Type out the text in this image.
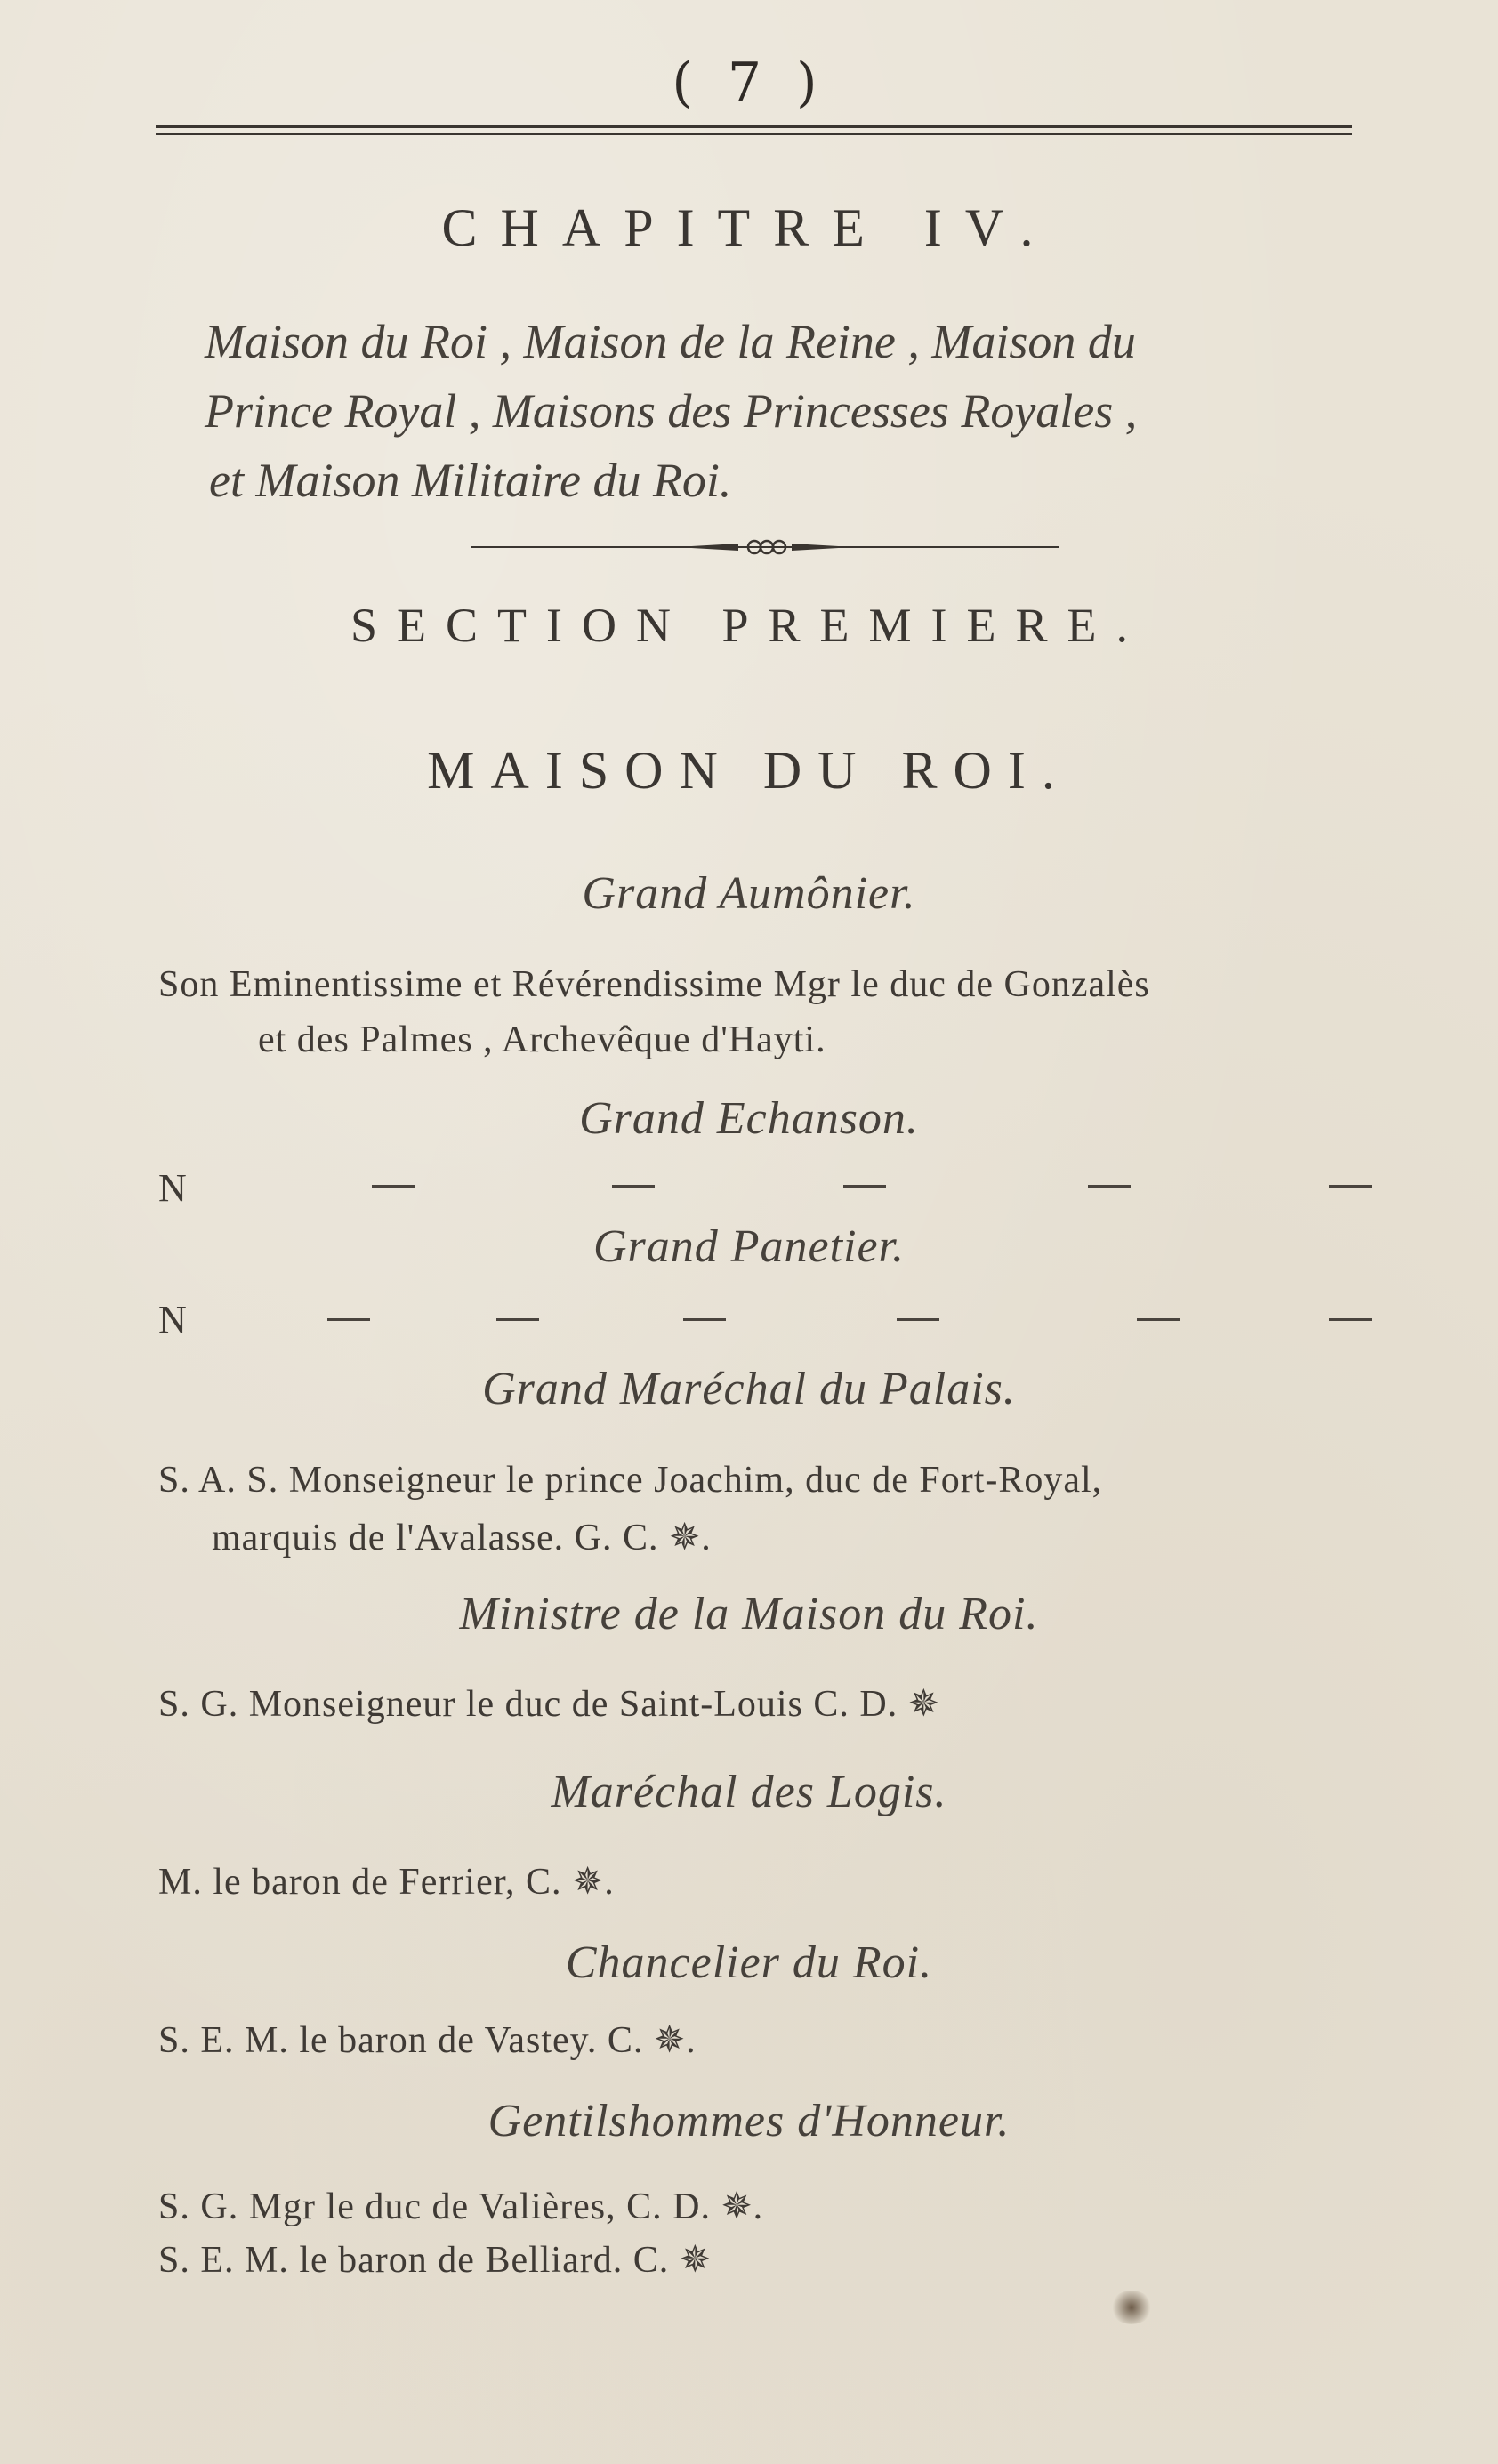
( 7 )
CHAPITRE IV.
Maison du Roi , Maison de la Reine , Maison du
Prince Royal , Maisons des Princesses Royales ,
et Maison Militaire du Roi.
SECTION PREMIERE.
MAISON DU ROI.
Grand Aumônier.
Son Eminentissime et Révérendissime Mgr le duc de Gonzalès
et des Palmes , Archevêque d'Hayti.
Grand Echanson.
N
Grand Panetier.
N
Grand Maréchal du Palais.
S. A. S. Monseigneur le prince Joachim, duc de Fort-Royal,
marquis de l'Avalasse. G. C. ✵.
Ministre de la Maison du Roi.
S. G. Monseigneur le duc de Saint-Louis C. D. ✵
Maréchal des Logis.
M. le baron de Ferrier, C. ✵.
Chancelier du Roi.
S. E. M. le baron de Vastey. C. ✵.
Gentilshommes d'Honneur.
S. G. Mgr le duc de Valières, C. D. ✵.
S. E. M. le baron de Belliard. C. ✵
